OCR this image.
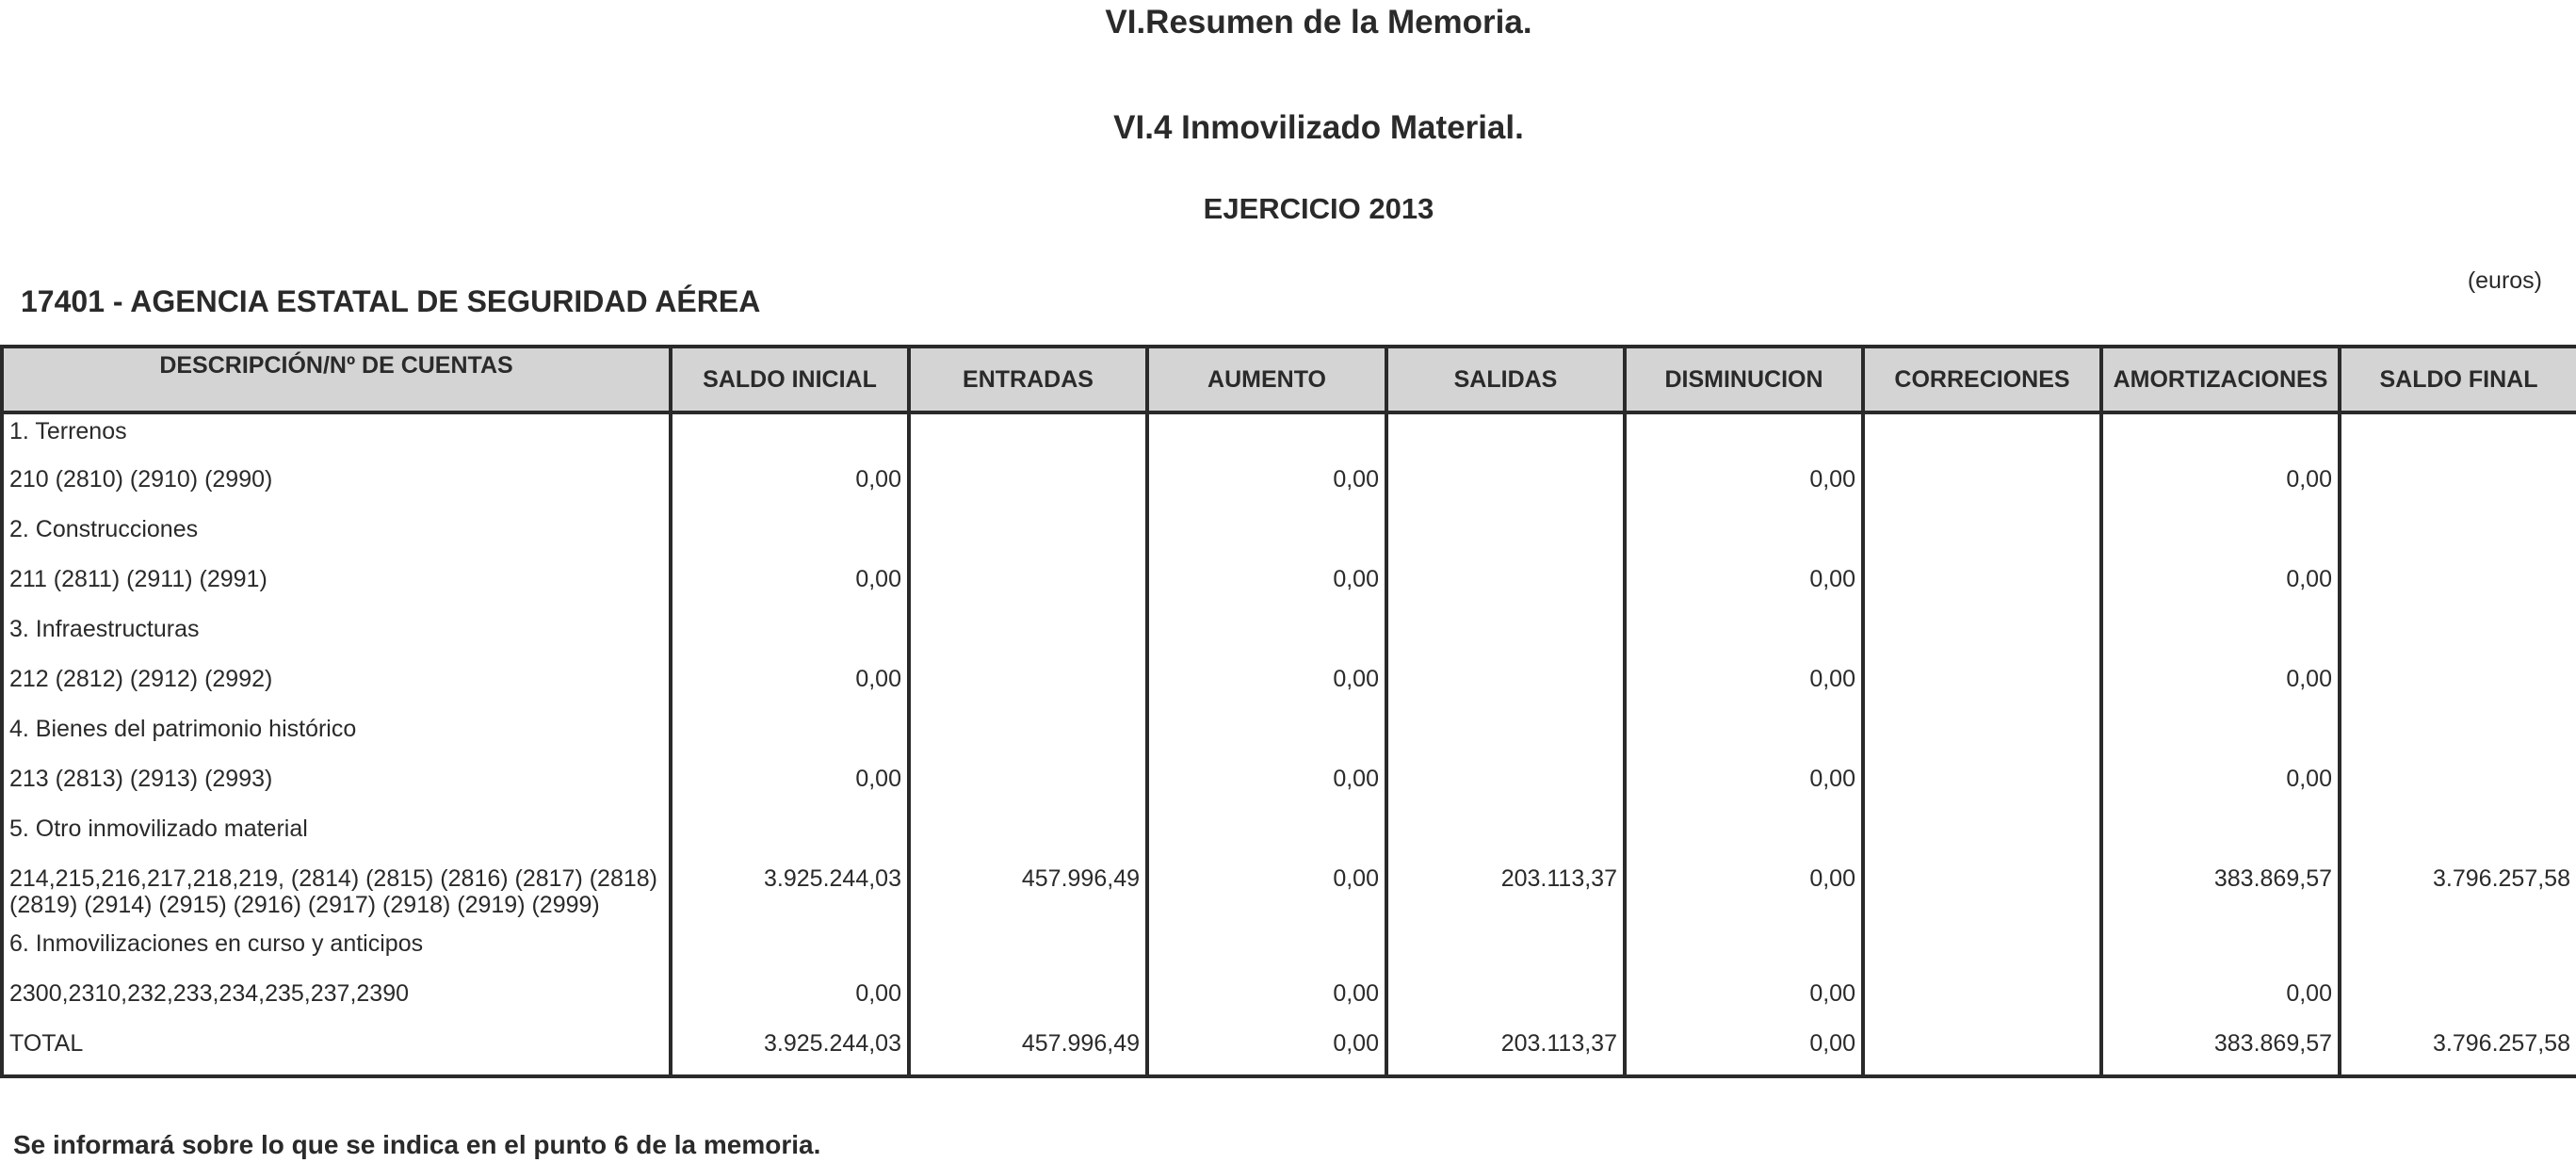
VI.Resumen de la Memoria.
VI.4 Inmovilizado Material.
EJERCICIO 2013
(euros)
17401 - AGENCIA ESTATAL DE SEGURIDAD AÉREA
DESCRIPCIÓN/Nº DE CUENTAS	SALDO INICIAL	ENTRADAS	AUMENTO	SALIDAS	DISMINUCION	CORRECIONES	AMORTIZACIONES	SALDO FINAL
1. Terrenos								
210 (2810) (2910) (2990)	0,00		0,00		0,00		0,00	
2. Construcciones								
211 (2811) (2911) (2991)	0,00		0,00		0,00		0,00	
3. Infraestructuras								
212 (2812) (2912) (2992)	0,00		0,00		0,00		0,00	
4. Bienes del patrimonio histórico								
213 (2813) (2913) (2993)	0,00		0,00		0,00		0,00	
5. Otro inmovilizado material								
214,215,216,217,218,219, (2814) (2815) (2816) (2817) (2818) (2819) (2914) (2915) (2916) (2917) (2918) (2919) (2999)	3.925.244,03	457.996,49	0,00	203.113,37	0,00		383.869,57	3.796.257,58
6. Inmovilizaciones en curso y anticipos								
2300,2310,232,233,234,235,237,2390	0,00		0,00		0,00		0,00	
TOTAL	3.925.244,03	457.996,49	0,00	203.113,37	0,00		383.869,57	3.796.257,58
Se informará sobre lo que se indica en el punto 6 de la memoria.
